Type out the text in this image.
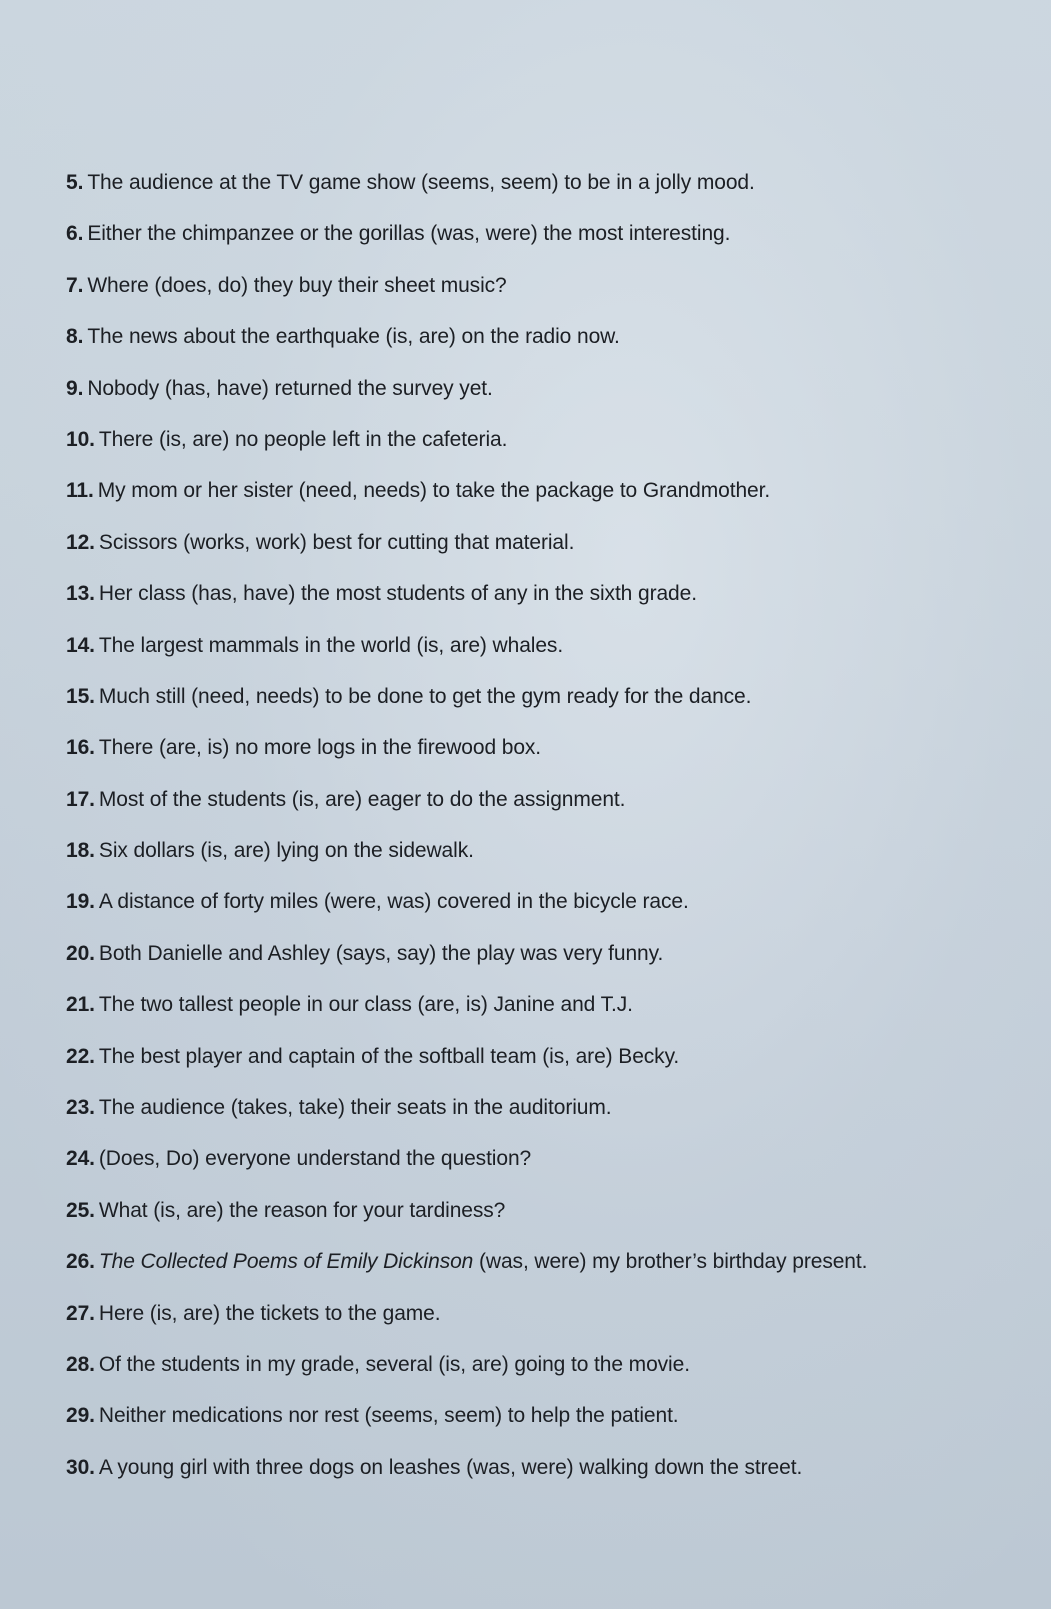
5. The audience at the TV game show (seems, seem) to be in a jolly mood.
6. Either the chimpanzee or the gorillas (was, were) the most interesting.
7. Where (does, do) they buy their sheet music?
8. The news about the earthquake (is, are) on the radio now.
9. Nobody (has, have) returned the survey yet.
10. There (is, are) no people left in the cafeteria.
11. My mom or her sister (need, needs) to take the package to Grandmother.
12. Scissors (works, work) best for cutting that material.
13. Her class (has, have) the most students of any in the sixth grade.
14. The largest mammals in the world (is, are) whales.
15. Much still (need, needs) to be done to get the gym ready for the dance.
16. There (are, is) no more logs in the firewood box.
17. Most of the students (is, are) eager to do the assignment.
18. Six dollars (is, are) lying on the sidewalk.
19. A distance of forty miles (were, was) covered in the bicycle race.
20. Both Danielle and Ashley (says, say) the play was very funny.
21. The two tallest people in our class (are, is) Janine and T.J.
22. The best player and captain of the softball team (is, are) Becky.
23. The audience (takes, take) their seats in the auditorium.
24. (Does, Do) everyone understand the question?
25. What (is, are) the reason for your tardiness?
26. The Collected Poems of Emily Dickinson (was, were) my brother’s birthday present.
27. Here (is, are) the tickets to the game.
28. Of the students in my grade, several (is, are) going to the movie.
29. Neither medications nor rest (seems, seem) to help the patient.
30. A young girl with three dogs on leashes (was, were) walking down the street.
